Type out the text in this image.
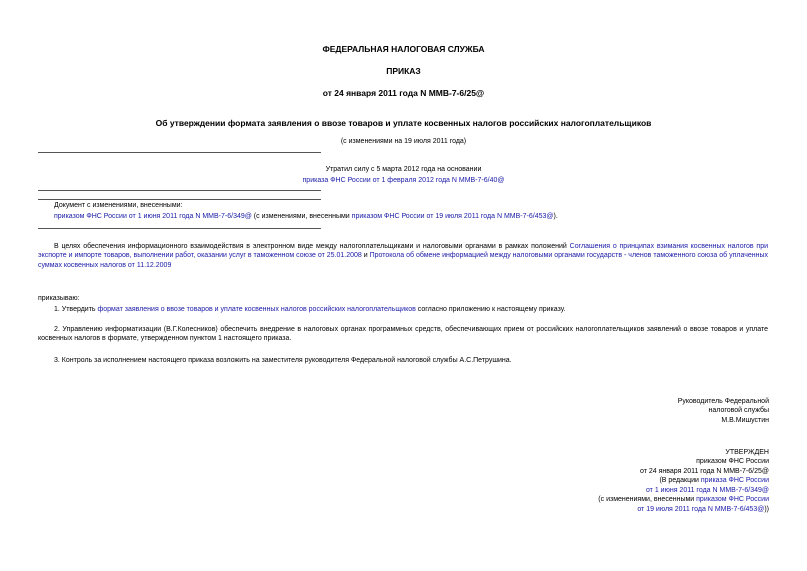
ФЕДЕРАЛЬНАЯ НАЛОГОВАЯ СЛУЖБА
ПРИКАЗ
от 24 января 2011 года N ММВ-7-6/25@
Об утверждении формата заявления о ввозе товаров и уплате косвенных налогов российских налогоплательщиков
(с изменениями на 19 июля 2011 года)
Утратил силу с 5 марта 2012 года на основании
приказа ФНС России от 1 февраля 2012 года N ММВ-7-6/40@
Документ с изменениями, внесенными:
приказом ФНС России от 1 июня 2011 года N ММВ-7-6/349@ (с изменениями, внесенными приказом ФНС России от 19 июля 2011 года N ММВ-7-6/453@).
В целях обеспечения информационного взаимодействия в электронном виде между налогоплательщиками и налоговыми органами в рамках положений Соглашения о принципах взимания косвенных налогов при экспорте и импорте товаров, выполнении работ, оказании услуг в таможенном союзе от 25.01.2008 и Протокола об обмене информацией между налоговыми органами государств - членов таможенного союза об уплаченных суммах косвенных налогов от 11.12.2009
приказываю:
1. Утвердить формат заявления о ввозе товаров и уплате косвенных налогов российских налогоплательщиков согласно приложению к настоящему приказу.
2. Управлению информатизации (В.Г.Колесников) обеспечить внедрение в налоговых органах программных средств, обеспечивающих прием от российских налогоплательщиков заявлений о ввозе товаров и уплате косвенных налогов в формате, утвержденном пунктом 1 настоящего приказа.
3. Контроль за исполнением настоящего приказа возложить на заместителя руководителя Федеральной налоговой службы А.С.Петрушина.
Руководитель Федеральной
налоговой службы
М.В.Мишустин
УТВЕРЖДЕН
приказом ФНС России
от 24 января 2011 года N ММВ-7-6/25@
(В редакции приказа ФНС России
от 1 июня 2011 года N ММВ-7-6/349@
(с изменениями, внесенными приказом ФНС России
от 19 июля 2011 года N ММВ-7-6/453@))
